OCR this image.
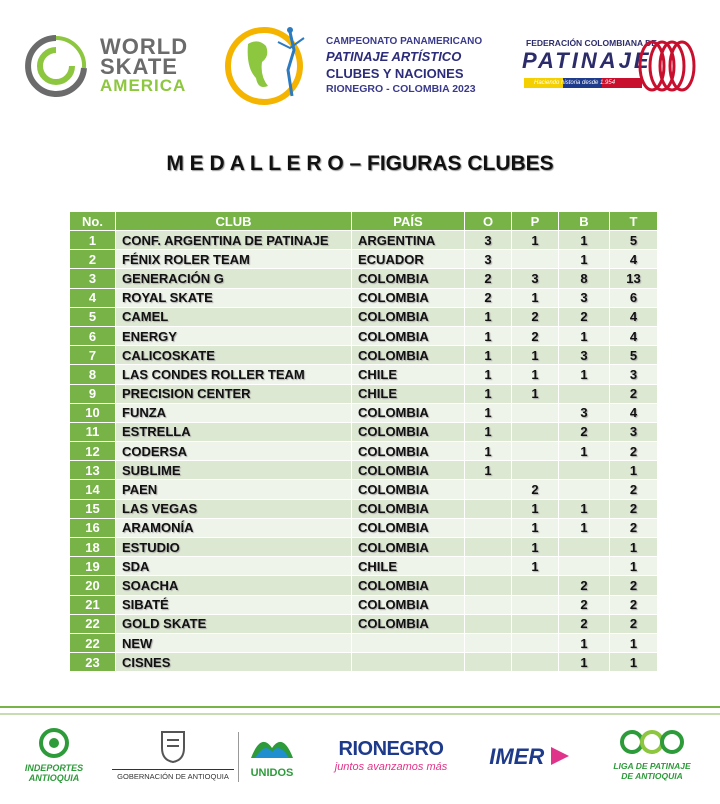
WORLD
SKATE
AMERICA
CAMPEONATO PANAMERICANO
PATINAJE ARTÍSTICO
CLUBES Y NACIONES
RIONEGRO - COLOMBIA 2023
FEDERACIÓN COLOMBIANA DE
PATINAJE
Haciendo historia desde 1.954
M E D A L L E R O – FIGURAS CLUBES
No.	CLUB	PAÍS	O	P	B	T
1	CONF. ARGENTINA DE PATINAJE	ARGENTINA	3	1	1	5
2	FÉNIX ROLER TEAM	ECUADOR	3		1	4
3	GENERACIÓN G	COLOMBIA	2	3	8	13
4	ROYAL SKATE	COLOMBIA	2	1	3	6
5	CAMEL	COLOMBIA	1	2	2	4
6	ENERGY	COLOMBIA	1	2	1	4
7	CALICOSKATE	COLOMBIA	1	1	3	5
8	LAS CONDES ROLLER TEAM	CHILE	1	1	1	3
9	PRECISION CENTER	CHILE	1	1		2
10	FUNZA	COLOMBIA	1		3	4
11	ESTRELLA	COLOMBIA	1		2	3
12	CODERSA	COLOMBIA	1		1	2
13	SUBLIME	COLOMBIA	1			1
14	PAEN	COLOMBIA		2		2
15	LAS VEGAS	COLOMBIA		1	1	2
16	ARAMONÍA	COLOMBIA		1	1	2
18	ESTUDIO	COLOMBIA		1		1
19	SDA	CHILE		1		1
20	SOACHA	COLOMBIA			2	2
21	SIBATÉ	COLOMBIA			2	2
22	GOLD SKATE	COLOMBIA			2	2
22	NEW				1	1
23	CISNES				1	1
INDEPORTES
ANTIOQUIA	GOBERNACIÓN DE ANTIOQUIA	UNIDOS
RIONEGRO
juntos avanzamos más	IMER	LIGA DE PATINAJE
DE ANTIOQUIA
